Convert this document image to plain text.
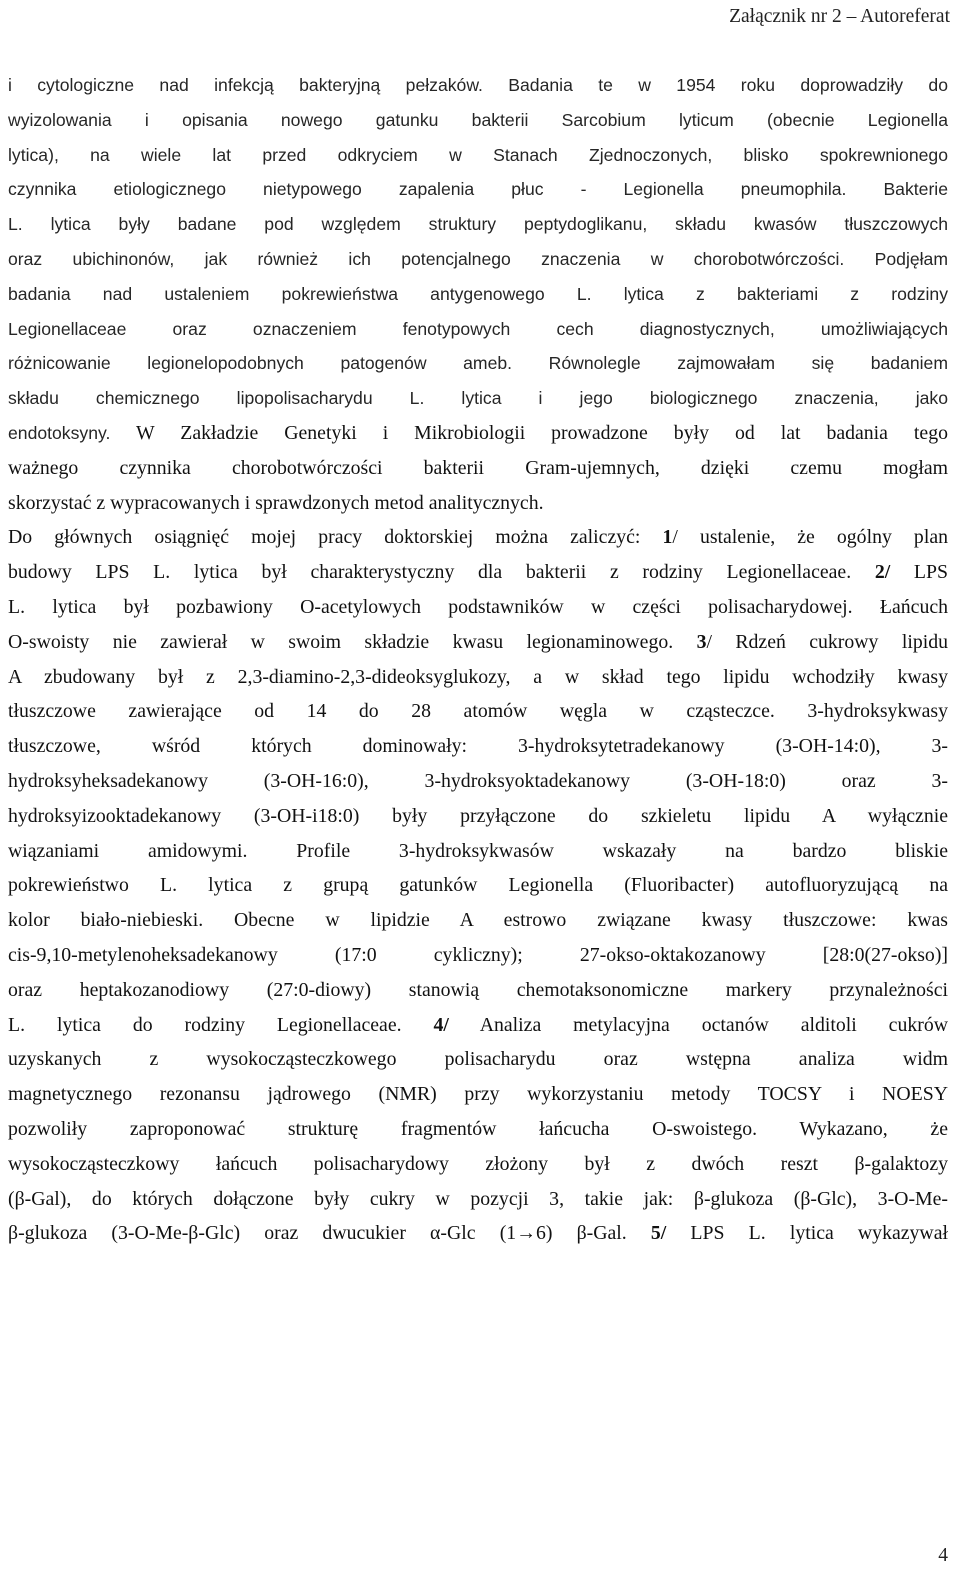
Załącznik nr 2 – Autoreferat
i cytologiczne nad infekcją bakteryjną pełzaków. Badania te w 1954 roku doprowadziły do
wyizolowania i opisania nowego gatunku bakterii Sarcobium lyticum (obecnie Legionella
lytica), na wiele lat przed odkryciem w Stanach Zjednoczonych, blisko spokrewnionego
czynnika etiologicznego nietypowego zapalenia płuc - Legionella pneumophila. Bakterie
L. lytica były badane pod względem struktury peptydoglikanu, składu kwasów tłuszczowych
oraz ubichinonów, jak również ich potencjalnego znaczenia w chorobotwórczości. Podjęłam
badania nad ustaleniem pokrewieństwa antygenowego L. lytica z bakteriami z rodziny
Legionellaceae oraz oznaczeniem fenotypowych cech diagnostycznych, umożliwiających
różnicowanie legionelopodobnych patogenów ameb. Równolegle zajmowałam się badaniem
składu chemicznego lipopolisacharydu L. lytica i jego biologicznego znaczenia, jako
endotoksyny. W Zakładzie Genetyki i Mikrobiologii prowadzone były od lat badania tego
ważnego czynnika chorobotwórczości bakterii Gram-ujemnych, dzięki czemu mogłam
skorzystać z wypracowanych i sprawdzonych metod analitycznych.
Do głównych osiągnięć mojej pracy doktorskiej można zaliczyć: 1/ ustalenie, że ogólny plan
budowy LPS L. lytica był charakterystyczny dla bakterii z rodziny Legionellaceae. 2/ LPS
L. lytica był pozbawiony O-acetylowych podstawników w części polisacharydowej. Łańcuch
O-swoisty nie zawierał w swoim składzie kwasu legionaminowego. 3/ Rdzeń cukrowy lipidu
A zbudowany był z 2,3-diamino-2,3-dideoksyglukozy, a w skład tego lipidu wchodziły kwasy
tłuszczowe zawierające od 14 do 28 atomów węgla w cząsteczce. 3-hydroksykwasy
tłuszczowe, wśród których dominowały: 3-hydroksytetradekanowy (3-OH-14:0), 3-
hydroksyheksadekanowy (3-OH-16:0), 3-hydroksyoktadekanowy (3-OH-18:0) oraz 3-
hydroksyizooktadekanowy (3-OH-i18:0) były przyłączone do szkieletu lipidu A wyłącznie
wiązaniami amidowymi. Profile 3-hydroksykwasów wskazały na bardzo bliskie
pokrewieństwo L. lytica z grupą gatunków Legionella (Fluoribacter) autofluoryzującą na
kolor biało-niebieski. Obecne w lipidzie A estrowo związane kwasy tłuszczowe: kwas
cis-9,10-metylenoheksadekanowy (17:0 cykliczny); 27-okso-oktakozanowy [28:0(27-okso)]
oraz heptakozanodiowy (27:0-diowy) stanowią chemotaksonomiczne markery przynależności
L. lytica do rodziny Legionellaceae. 4/ Analiza metylacyjna octanów alditoli cukrów
uzyskanych z wysokocząsteczkowego polisacharydu oraz wstępna analiza widm
magnetycznego rezonansu jądrowego (NMR) przy wykorzystaniu metody TOCSY i NOESY
pozwoliły zaproponować strukturę fragmentów łańcucha O-swoistego. Wykazano, że
wysokocząsteczkowy łańcuch polisacharydowy złożony był z dwóch reszt β-galaktozy
(β-Gal), do których dołączone były cukry w pozycji 3, takie jak: β-glukoza (β-Glc), 3-O-Me-
β-glukoza (3-O-Me-β-Glc) oraz dwucukier α-Glc (1→6) β-Gal. 5/ LPS L. lytica wykazywał
4
